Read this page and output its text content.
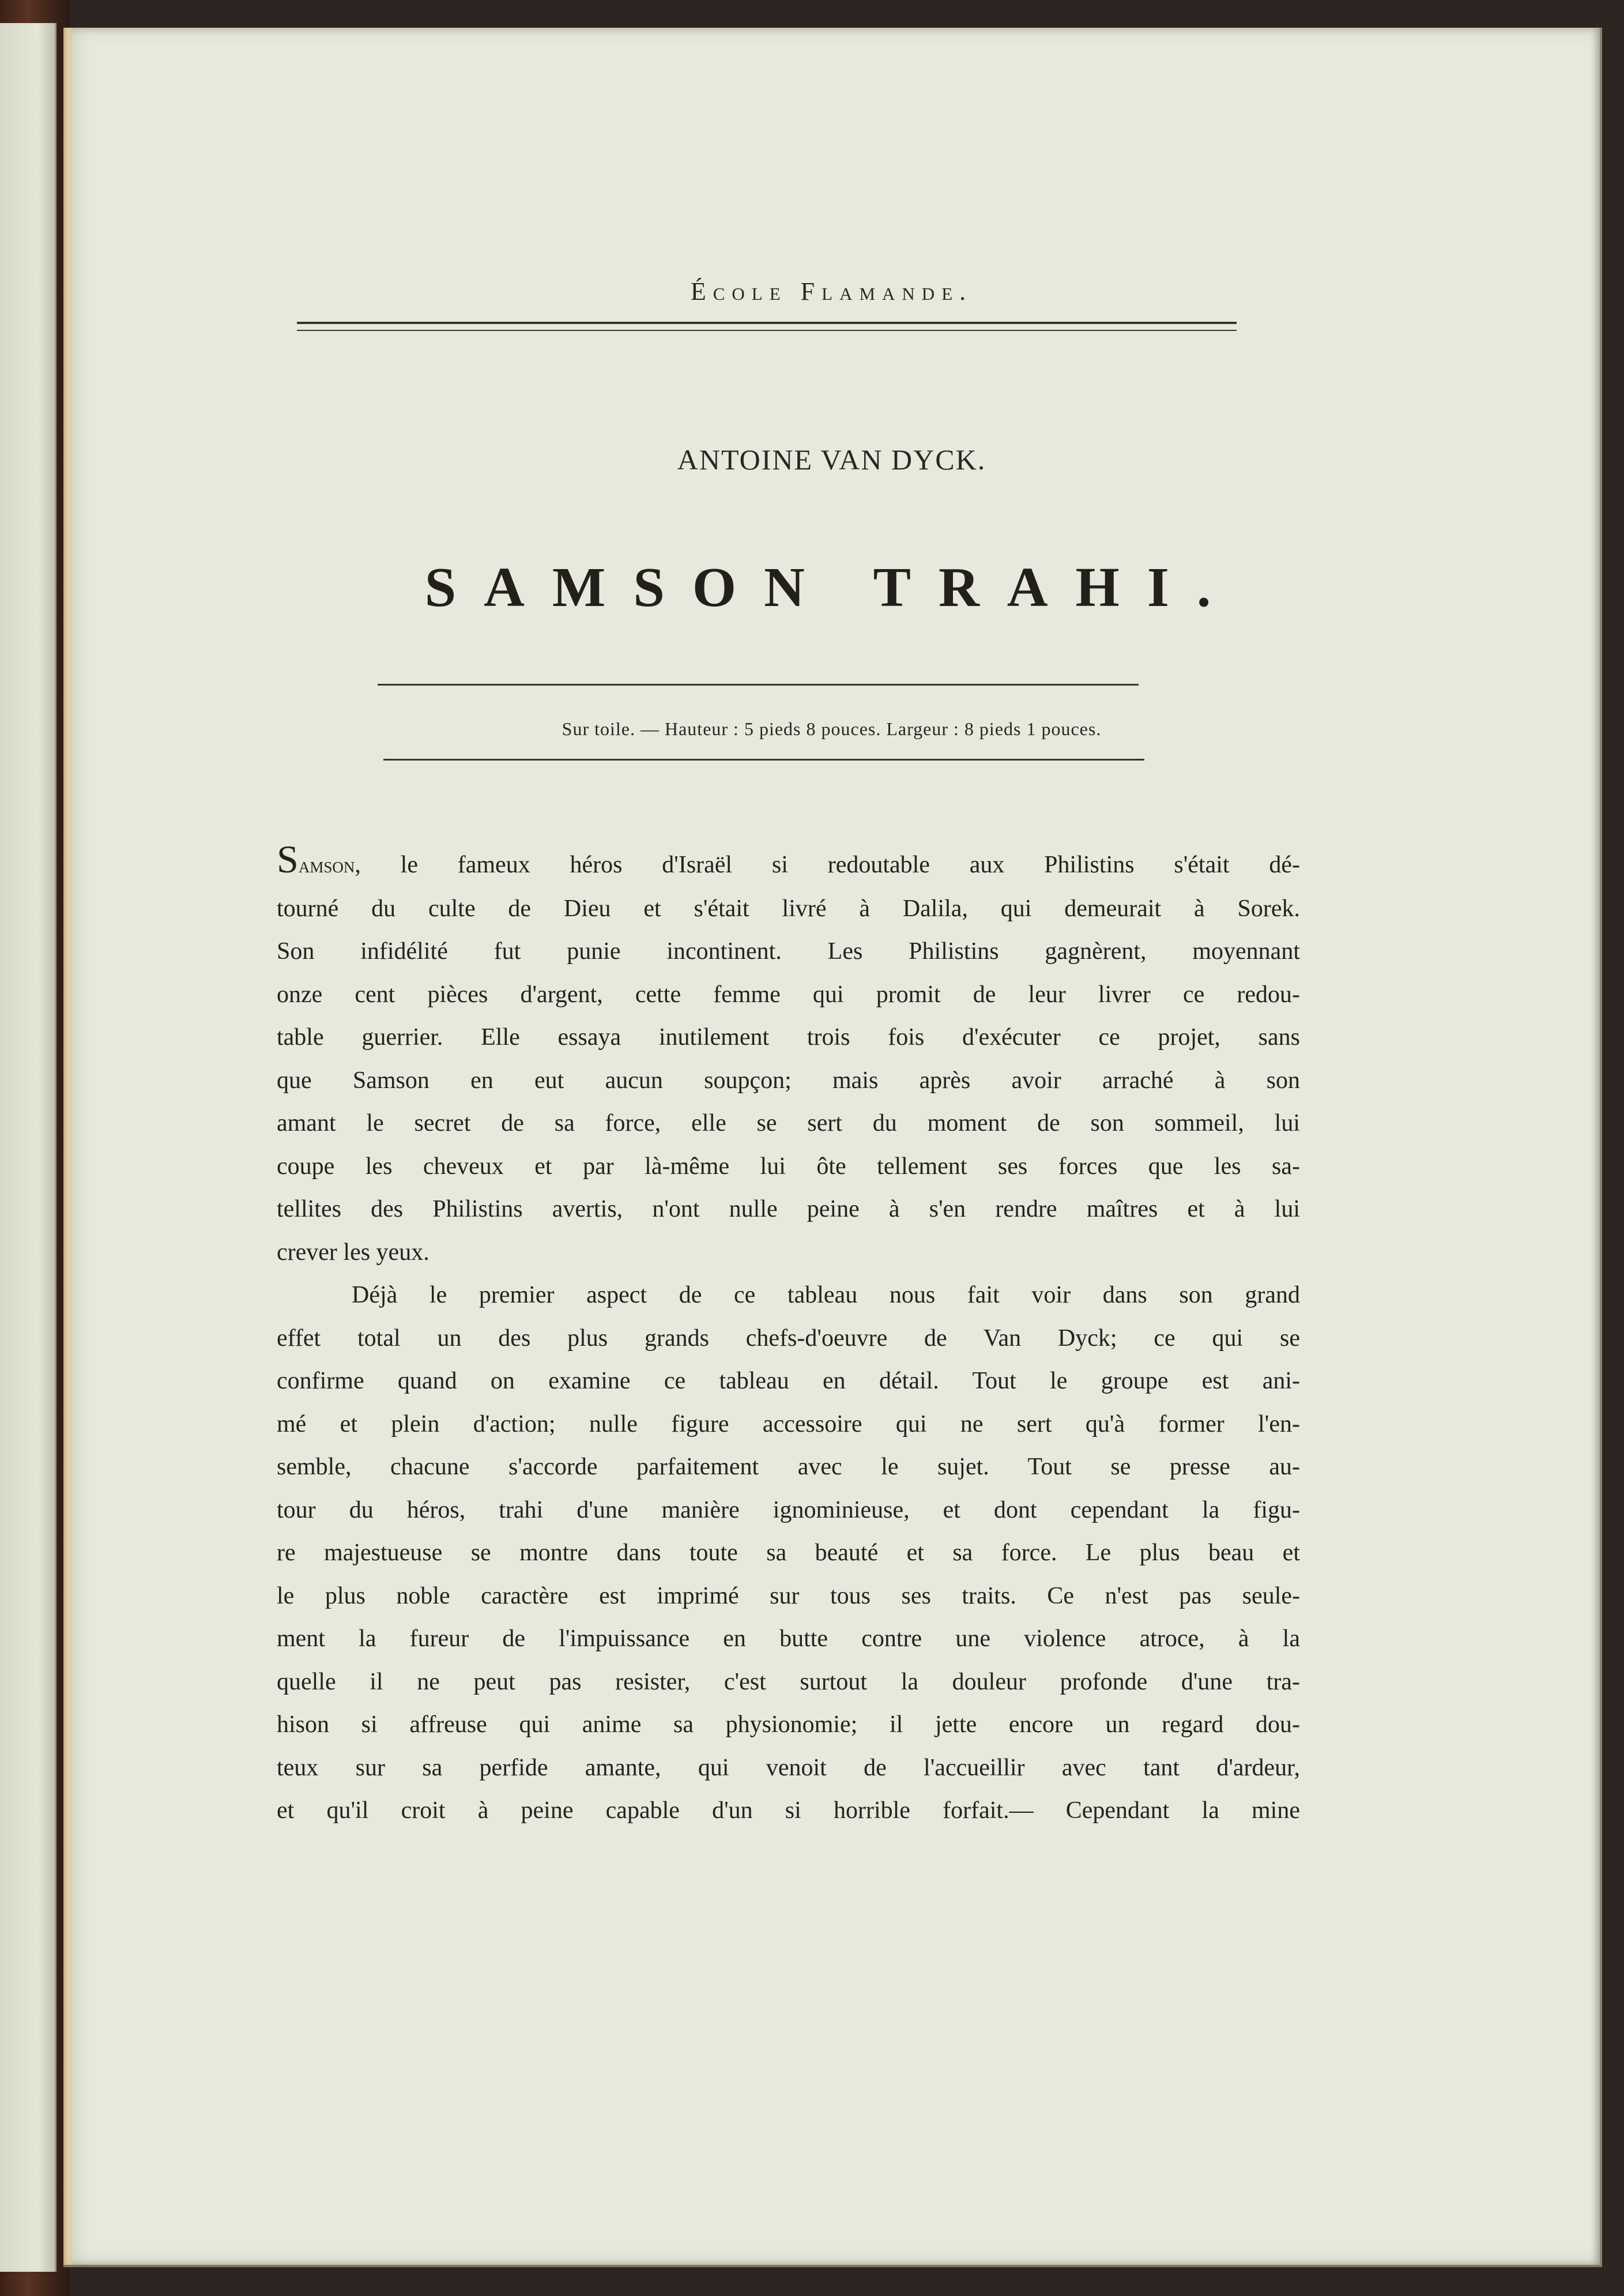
École Flamande.
ANTOINE VAN DYCK.
SAMSON TRAHI.
Sur toile. — Hauteur : 5 pieds 8 pouces. Largeur : 8 pieds 1 pouces.

Samson, le fameux héros d'Israël si redoutable aux Philistins s'était dé-
tourné du culte de Dieu et s'était livré à Dalila, qui demeurait à Sorek.
Son infidélité fut punie incontinent. Les Philistins gagnèrent, moyennant
onze cent pièces d'argent, cette femme qui promit de leur livrer ce redou-
table guerrier. Elle essaya inutilement trois fois d'exécuter ce projet, sans
que Samson en eut aucun soupçon; mais après avoir arraché à son
amant le secret de sa force, elle se sert du moment de son sommeil, lui
coupe les cheveux et par là-même lui ôte tellement ses forces que les sa-
tellites des Philistins avertis, n'ont nulle peine à s'en rendre maîtres et à lui
crever les yeux.

Déjà le premier aspect de ce tableau nous fait voir dans son grand
effet total un des plus grands chefs-d'oeuvre de Van Dyck; ce qui se
confirme quand on examine ce tableau en détail. Tout le groupe est ani-
mé et plein d'action; nulle figure accessoire qui ne sert qu'à former l'en-
semble, chacune s'accorde parfaitement avec le sujet. Tout se presse au-
tour du héros, trahi d'une manière ignominieuse, et dont cependant la figu-
re majestueuse se montre dans toute sa beauté et sa force. Le plus beau et
le plus noble caractère est imprimé sur tous ses traits. Ce n'est pas seule-
ment la fureur de l'impuissance en butte contre une violence atroce, à la
quelle il ne peut pas resister, c'est surtout la douleur profonde d'une tra-
hison si affreuse qui anime sa physionomie; il jette encore un regard dou-
teux sur sa perfide amante, qui venoit de l'accueillir avec tant d'ardeur,
et qu'il croit à peine capable d'un si horrible forfait.— Cependant la mine
